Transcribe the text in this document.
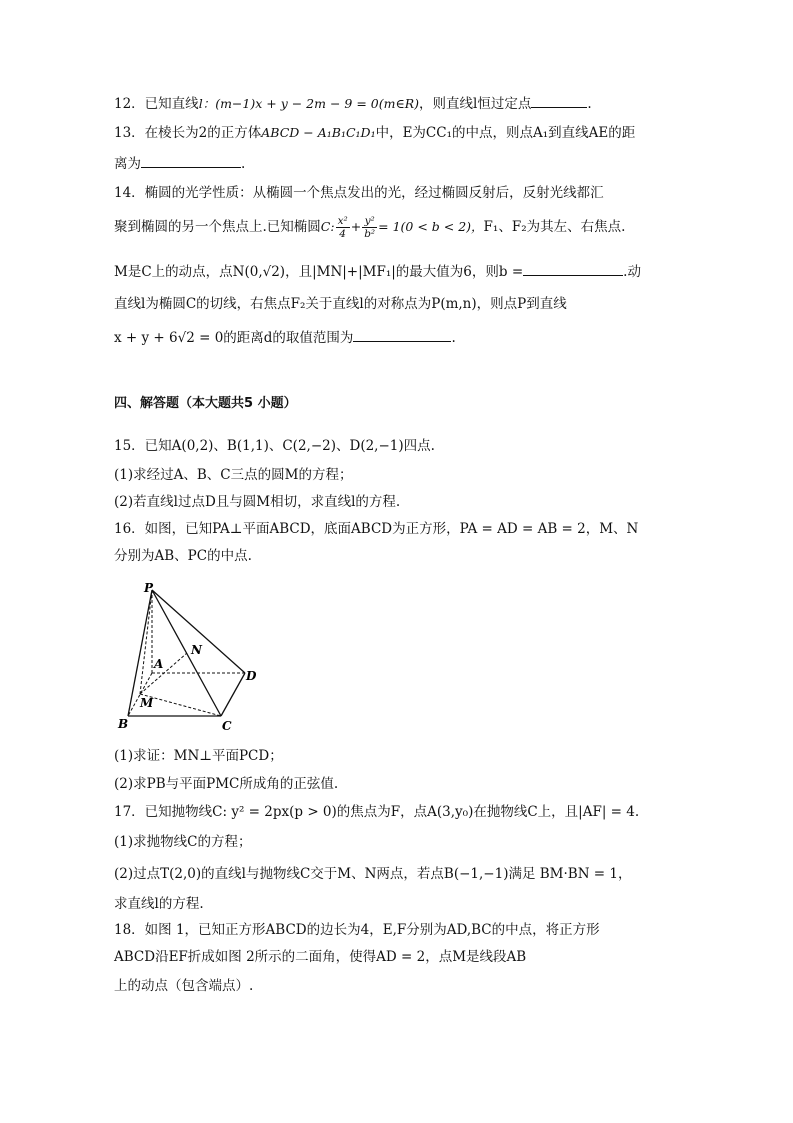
12．已知直线l：(m−1)x + y − 2m − 9 = 0(m∈R)，则直线l恒过定点	.
13．在棱长为2的正方体ABCD − A₁B₁C₁D₁中，E为CC₁的中点，则点A₁到直线AE的距
离为	.
14．椭圆的光学性质：从椭圆一个焦点发出的光，经过椭圆反射后，反射光线都汇
聚到椭圆的另一个焦点上.已知椭圆C: $\frac{\text{x²}}{4} + \frac{\text{y²}}{\text{b²}} = 1(0 < b < 2)$，F₁、F₂为其左、右焦点.
M是C上的动点，点N(0,√2)，且|MN|+|MF₁|的最大值为6，则b =	.动
直线l为椭圆C的切线，右焦点F₂关于直线l的对称点为P(m,n)，则点P到直线
x + y + 6√2 = 0的距离d的取值范围为	.
四、解答题（本大题共5 小题）
15．已知A(0,2)、B(1,1)、C(2,−2)、D(2,−1)四点.
(1)求经过A、B、C三点的圆M的方程；
(2)若直线l过点D且与圆M相切，求直线l的方程.
16．如图，已知PA⊥平面ABCD，底面ABCD为正方形，PA = AD = AB = 2，M、N
分别为AB、PC的中点.
P
A
N
D
M
B	C
(1)求证：MN⊥平面PCD；
(2)求PB与平面PMC所成角的正弦值.
17．已知抛物线C: y² = 2px(p > 0)的焦点为F，点A(3,y₀)在抛物线C上，且|AF| = 4.
(1)求抛物线C的方程；
(2)过点T(2,0)的直线l与抛物线C交于M、N两点，若点B(−1,−1)满足 BM·BN = 1，
求直线l的方程.
18．如图 1，已知正方形ABCD的边长为4，E,F分别为AD,BC的中点，将正方形
ABCD沿EF折成如图 2所示的二面角，使得AD = 2，点M是线段AB
上的动点（包含端点）.
